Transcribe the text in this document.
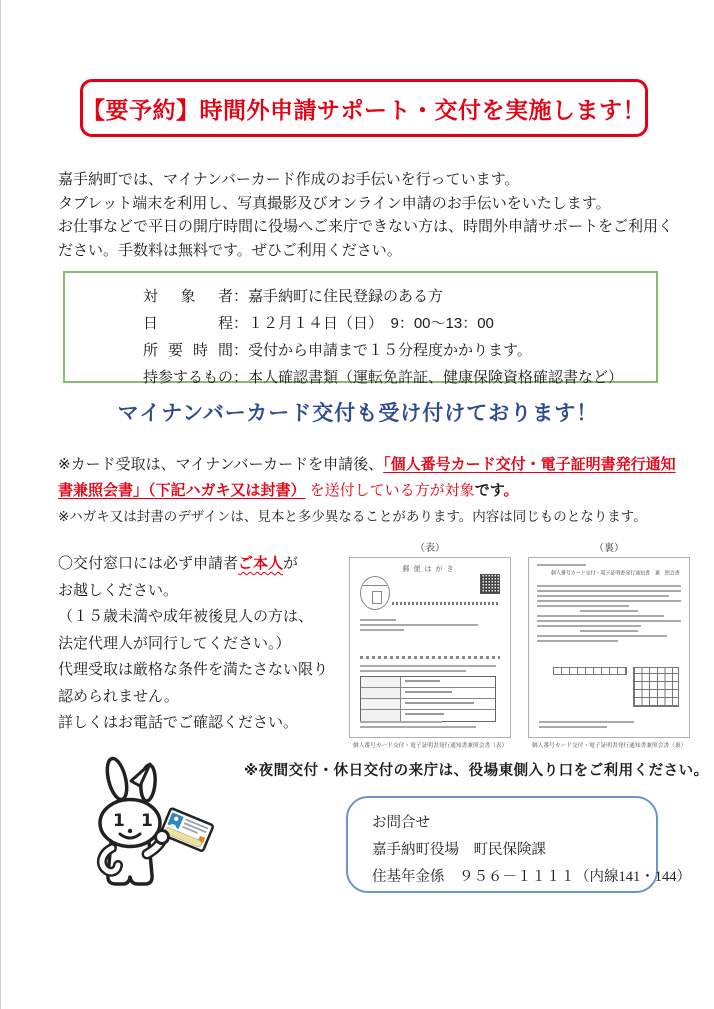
【要予約】時間外申請サポート・交付を実施します！
嘉手納町では、マイナンバーカード作成のお手伝いを行っています。
タブレット端末を利用し、写真撮影及びオンライン申請のお手伝いをいたします。
お仕事などで平日の開庁時間に役場へご来庁できない方は、時間外申請サポートをご利用く
ださい。手数料は無料です。ぜひご利用ください。
対象者：嘉手納町に住民登録のある方
日程：１２月１４日（日）　9：00～13：00
所要時間：受付から申請まで１５分程度かかります。
持参するもの：本人確認書類（運転免許証、健康保険資格確認書など）
マイナンバーカード交付も受け付けております！
※カード受取は、マイナンバーカードを申請後、「個人番号カード交付・電子証明書発行通知書兼照会書」（下記ハガキ又は封書） を送付している方が対象です。
※ハガキ又は封書のデザインは、見本と多少異なることがあります。内容は同じものとなります。
〇交付窓口には必ず申請者ご本人が
お越しください。
（１５歳未満や成年被後見人の方は、
法定代理人が同行してください。）
代理受取は厳格な条件を満たさない限り
認められません。
詳しくはお電話でご確認ください。
（表）
郵便はがき
個人番号カード交付・電子証明書発行通知書兼照会書（表）
（裏）
個人番号カード交付・電子証明書発行通知書　兼　照会書
個人番号カード交付・電子証明書発行通知書兼照会書（裏）
※夜間交付・休日交付の来庁は、役場東側入り口をご利用ください。
お問合せ
嘉手納町役場　町民保険課
住基年金係　９５６－１１１１（内線141・144）
1 1
